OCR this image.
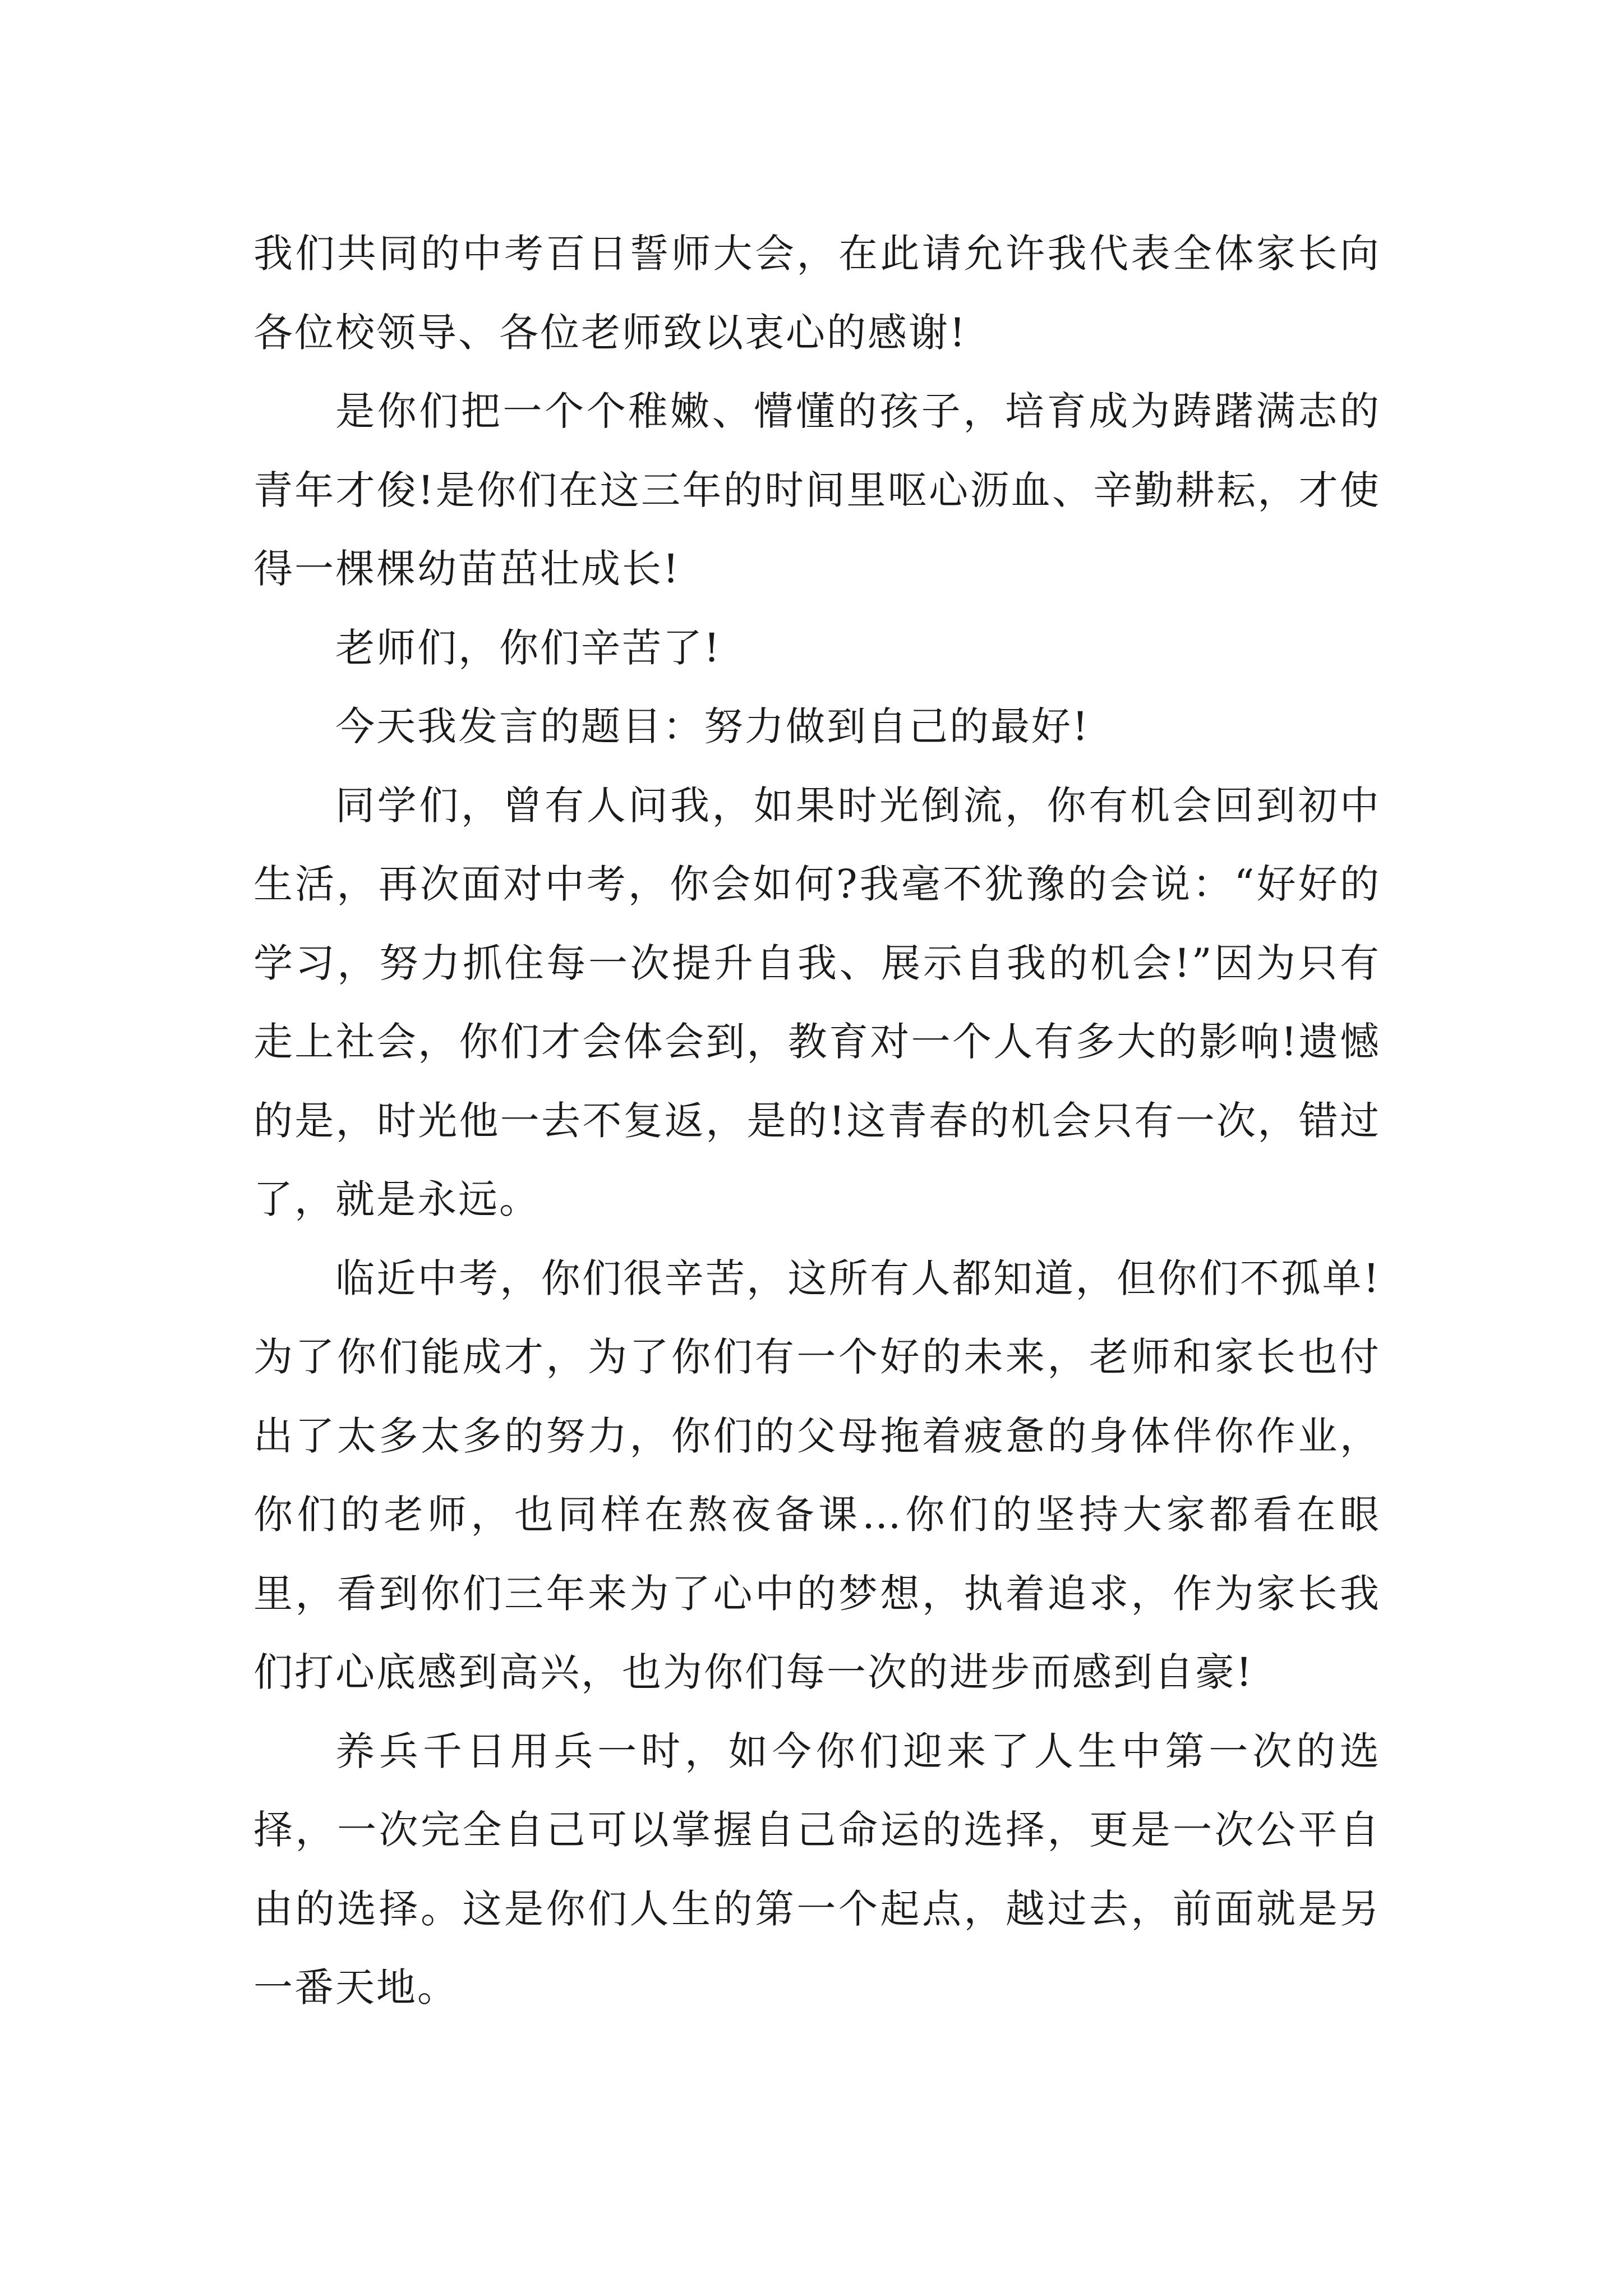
我们共同的中考百日誓师大会，在此请允许我代表全体家长向各位校领导、各位老师致以衷心的感谢!

是你们把一个个稚嫩、懵懂的孩子，培育成为踌躇满志的青年才俊!是你们在这三年的时间里呕心沥血、辛勤耕耘，才使得一棵棵幼苗茁壮成长!

老师们，你们辛苦了!

今天我发言的题目：努力做到自己的最好!

同学们，曾有人问我，如果时光倒流，你有机会回到初中生活，再次面对中考，你会如何?我毫不犹豫的会说：“好好的学习，努力抓住每一次提升自我、展示自我的机会!”因为只有走上社会，你们才会体会到，教育对一个人有多大的影响!遗憾的是，时光他一去不复返，是的!这青春的机会只有一次，错过了，就是永远。

临近中考，你们很辛苦，这所有人都知道，但你们不孤单!为了你们能成才，为了你们有一个好的未来，老师和家长也付出了太多太多的努力，你们的父母拖着疲惫的身体伴你作业，你们的老师，也同样在熬夜备课…你们的坚持大家都看在眼里，看到你们三年来为了心中的梦想，执着追求，作为家长我们打心底感到高兴，也为你们每一次的进步而感到自豪!

养兵千日用兵一时，如今你们迎来了人生中第一次的选择，一次完全自己可以掌握自己命运的选择，更是一次公平自由的选择。这是你们人生的第一个起点，越过去，前面就是另一番天地。
